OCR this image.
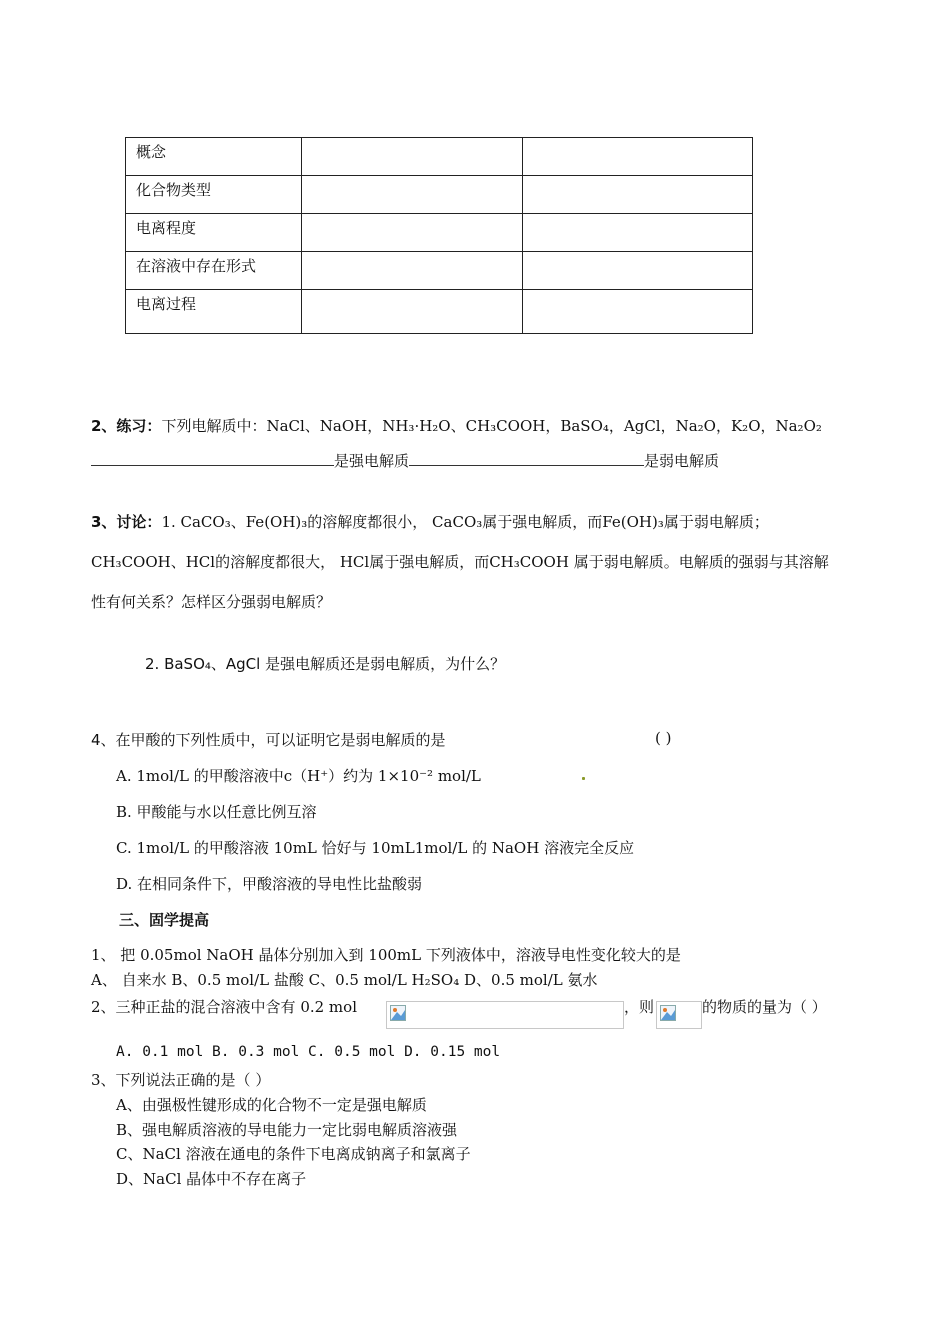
概念		

化合物类型		

电离程度		

在溶液中存在形式		

电离过程		

2、练习：下列电解质中：NaCl、NaOH，NH₃·H₂O、CH₃COOH，BaSO₄，AgCl，Na₂O，K₂O，Na₂O₂
是强电解质	是弱电解质
3、讨论：1. CaCO₃、Fe(OH)₃的溶解度都很小， CaCO₃属于强电解质，而Fe(OH)₃属于弱电解质；
CH₃COOH、HCl的溶解度都很大， HCl属于强电解质，而CH₃COOH 属于弱电解质。电解质的强弱与其溶解
性有何关系？怎样区分强弱电解质？
2. BaSO₄、AgCl 是强电解质还是弱电解质，为什么？
4、在甲酸的下列性质中，可以证明它是弱电解质的是	( )
A. 1mol/L 的甲酸溶液中c（H⁺）约为 1×10⁻² mol/L
B. 甲酸能与水以任意比例互溶
C. 1mol/L 的甲酸溶液 10mL 恰好与 10mL1mol/L 的 NaOH 溶液完全反应
D. 在相同条件下，甲酸溶液的导电性比盐酸弱
三、固学提高
1、 把 0.05mol NaOH 晶体分别加入到 100mL 下列液体中，溶液导电性变化较大的是
A、 自来水 B、0.5 mol/L 盐酸 C、0.5 mol/L H₂SO₄ D、0.5 mol/L 氨水
2、三种正盐的混合溶液中含有 0.2 mol	，则	的物质的量为（ ）
A. 0.1 mol B. 0.3 mol C. 0.5 mol D. 0.15 mol
3、下列说法正确的是（ ）
A、由强极性键形成的化合物不一定是强电解质
B、强电解质溶液的导电能力一定比弱电解质溶液强
C、NaCl 溶液在通电的条件下电离成钠离子和氯离子
D、NaCl 晶体中不存在离子
